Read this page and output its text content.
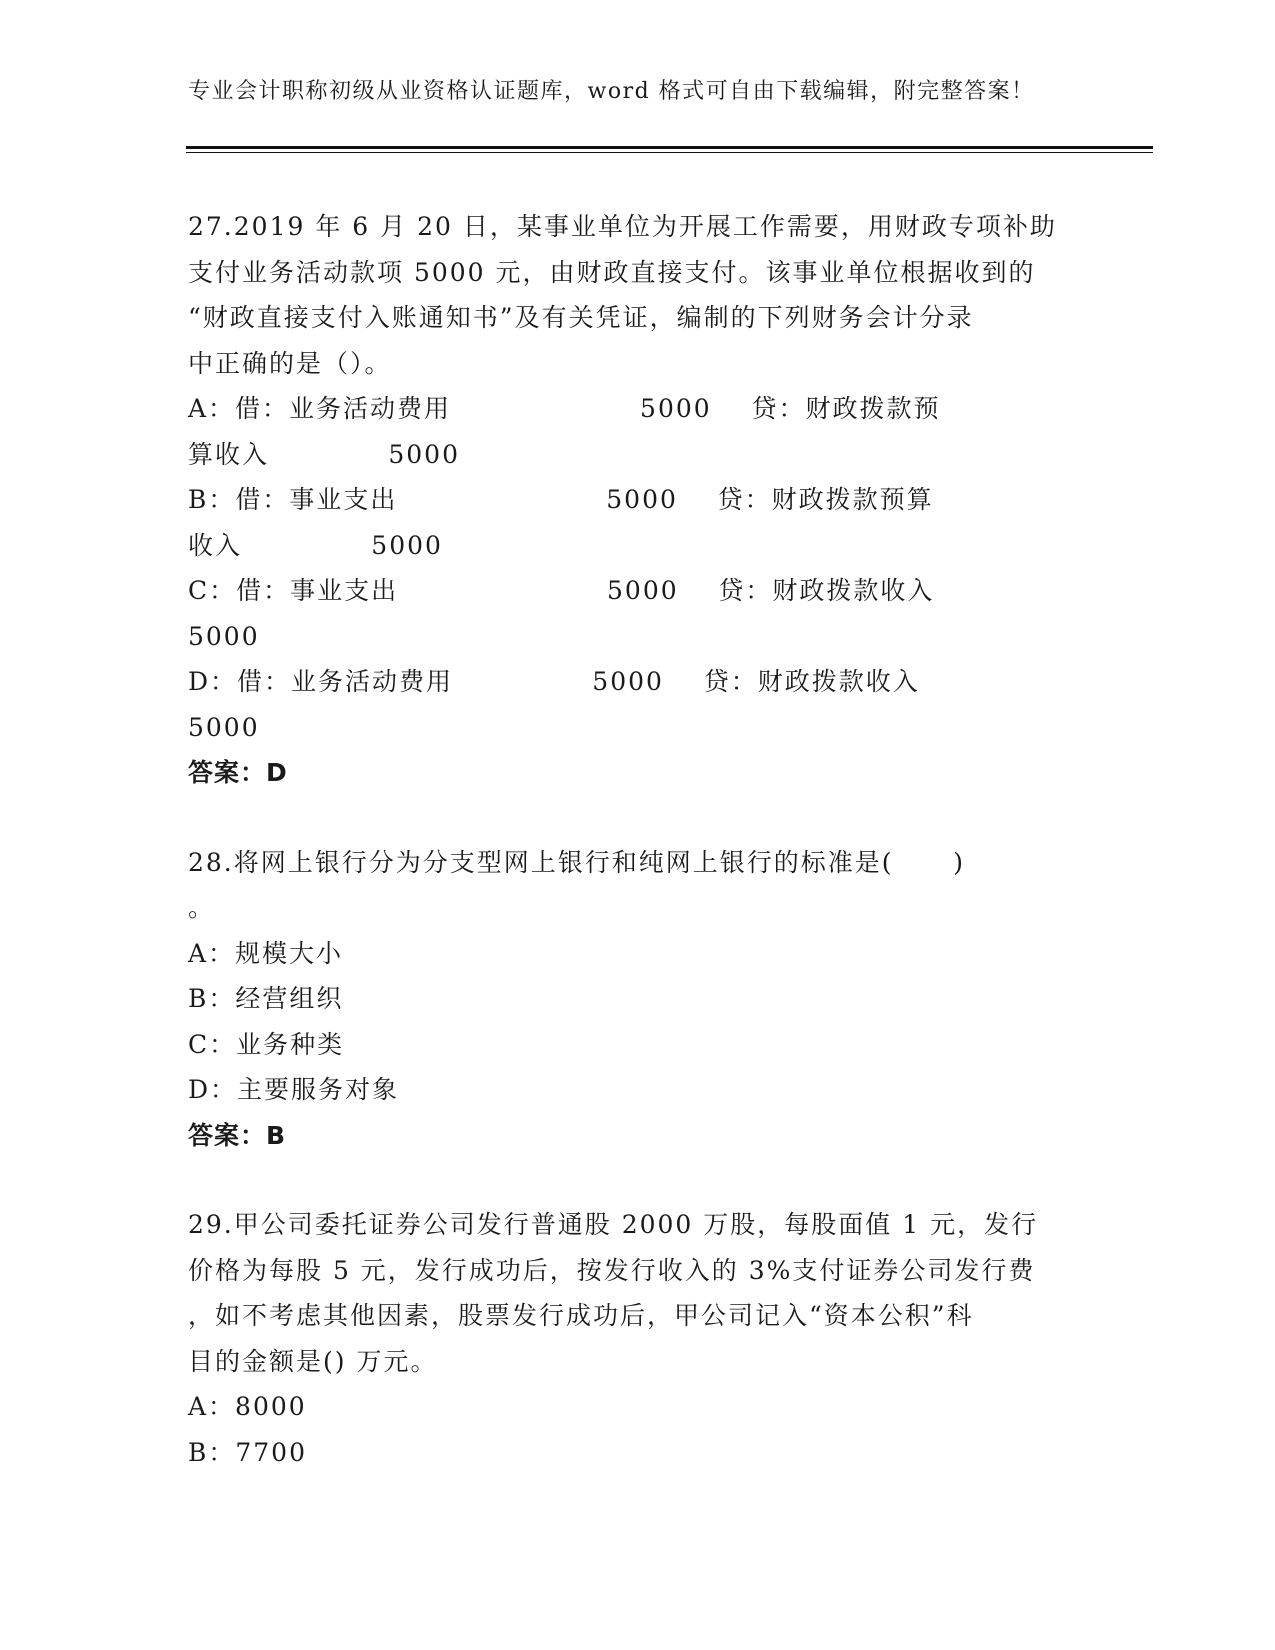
专业会计职称初级从业资格认证题库，word 格式可自由下载编辑，附完整答案！
27.2019 年 6 月 20 日，某事业单位为开展工作需要，用财政专项补助
支付业务活动款项 5000 元，由财政直接支付。该事业单位根据收到的
“财政直接支付入账通知书”及有关凭证，编制的下列财务会计分录
中正确的是（）。
A：借：业务活动费用                   5000    贷：财政拨款预
算收入            5000
B：借：事业支出                     5000    贷：财政拨款预算
收入             5000
C：借：事业支出                     5000    贷：财政拨款收入
5000
D：借：业务活动费用              5000    贷：财政拨款收入
5000
答案：D
28.将网上银行分为分支型网上银行和纯网上银行的标准是(      )
。
A：规模大小
B：经营组织
C：业务种类
D：主要服务对象
答案：B
29.甲公司委托证券公司发行普通股 2000 万股，每股面值 1 元，发行
价格为每股 5 元，发行成功后，按发行收入的 3%支付证券公司发行费
，如不考虑其他因素，股票发行成功后，甲公司记入“资本公积”科
目的金额是() 万元。
A：8000
B：7700
